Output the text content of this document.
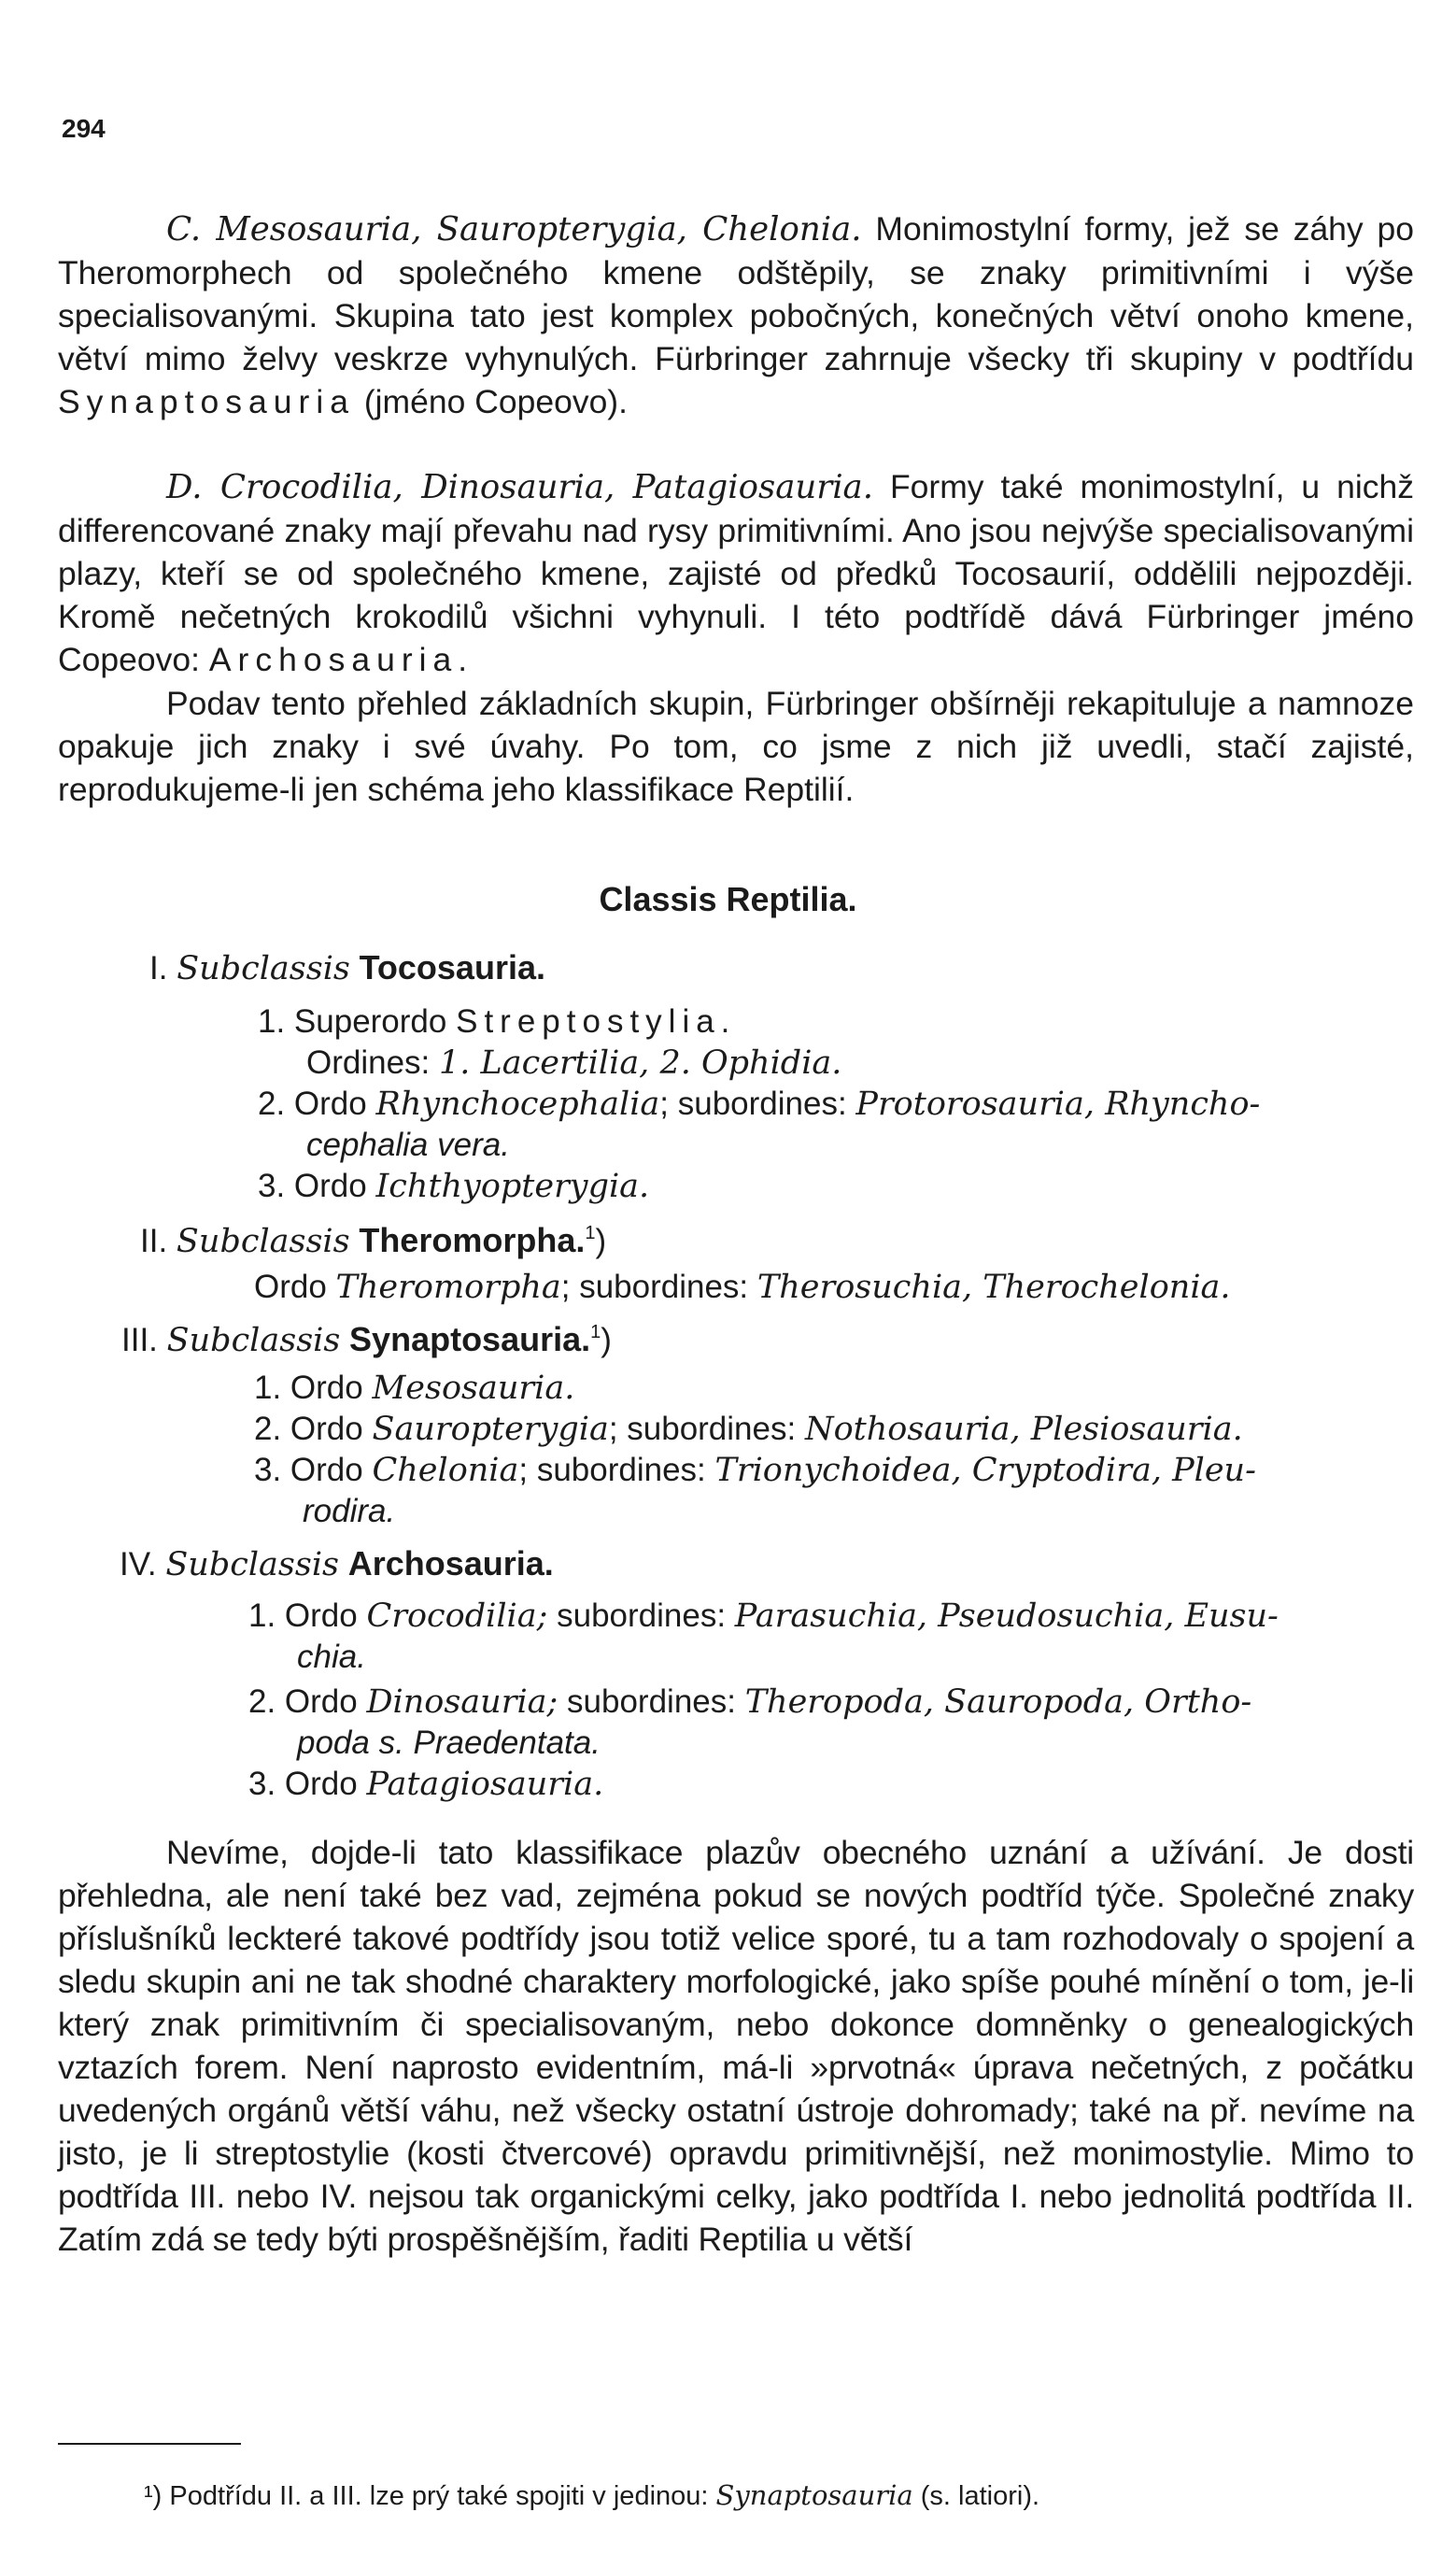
294

C. Mesosauria, Sauropterygia, Chelonia. Monimostylní formy, jež se záhy po Theromorphech od společného kmene odštěpily, se znaky primitivními i výše specialisovanými. Skupina tato jest komplex pobočných, konečných větví onoho kmene, větví mimo želvy veskrze vyhynulých. Fürbringer zahrnuje všecky tři skupiny v podtřídu Synaptosauria (jméno Copeovo).

D. Crocodilia, Dinosauria, Patagiosauria. Formy také monimostylní, u nichž differencované znaky mají převahu nad rysy primitivními. Ano jsou nejvýše specialisovanými plazy, kteří se od společného kmene, zajisté od předků Tocosaurií, oddělili nejpozději. Kromě nečetných krokodilů všichni vyhynuli. I této podtřídě dává Fürbringer jméno Copeovo: Archosauria.

Podav tento přehled základních skupin, Fürbringer obšírněji rekapituluje a namnoze opakuje jich znaky i své úvahy. Po tom, co jsme z nich již uvedli, stačí zajisté, reprodukujeme-li jen schéma jeho klassifikace Reptilií.

Classis Reptilia.
I. Subclassis Tocosauria.
1. Superordo Streptostylia.
Ordines: 1. Lacertilia, 2. Ophidia.
2. Ordo Rhynchocephalia; subordines: Protorosauria, Rhyncho-
cephalia vera.
3. Ordo Ichthyopterygia.
II. Subclassis Theromorpha.$^1$)
Ordo Theromorpha; subordines: Therosuchia, Therochelonia.
III. Subclassis Synaptosauria.$^1$)
1. Ordo Mesosauria.
2. Ordo Sauropterygia; subordines: Nothosauria, Plesiosauria.
3. Ordo Chelonia; subordines: Trionychoidea, Cryptodira, Pleu-
rodira.
IV. Subclassis Archosauria.
1. Ordo Crocodilia; subordines: Parasuchia, Pseudosuchia, Eusu-
chia.
2. Ordo Dinosauria; subordines: Theropoda, Sauropoda, Ortho-
poda s. Praedentata.
3. Ordo Patagiosauria.

Nevíme, dojde-li tato klassifikace plazův obecného uznání a užívání. Je dosti přehledna, ale není také bez vad, zejména pokud se nových podtříd týče. Společné znaky příslušníků leckteré takové podtřídy jsou totiž velice sporé, tu a tam rozhodovaly o spojení a sledu skupin ani ne tak shodné charaktery morfologické, jako spíše pouhé mínění o tom, je-li který znak primitivním či specialisovaným, nebo dokonce domněnky o genealogických vztazích forem. Není naprosto evidentním, má-li »prvotná« úprava nečetných, z počátku uvedených orgánů větší váhu, než všecky ostatní ústroje dohromady; také na př. nevíme na jisto, je li streptostylie (kosti čtvercové) opravdu primitivnější, než monimostylie. Mimo to podtřída III. nebo IV. nejsou tak organickými celky, jako podtřída I. nebo jednolitá podtřída II. Zatím zdá se tedy býti prospěšnějším, řaditi Reptilia u větší

¹) Podtřídu II. a III. lze prý také spojiti v jedinou: Synaptosauria (s. latiori).
